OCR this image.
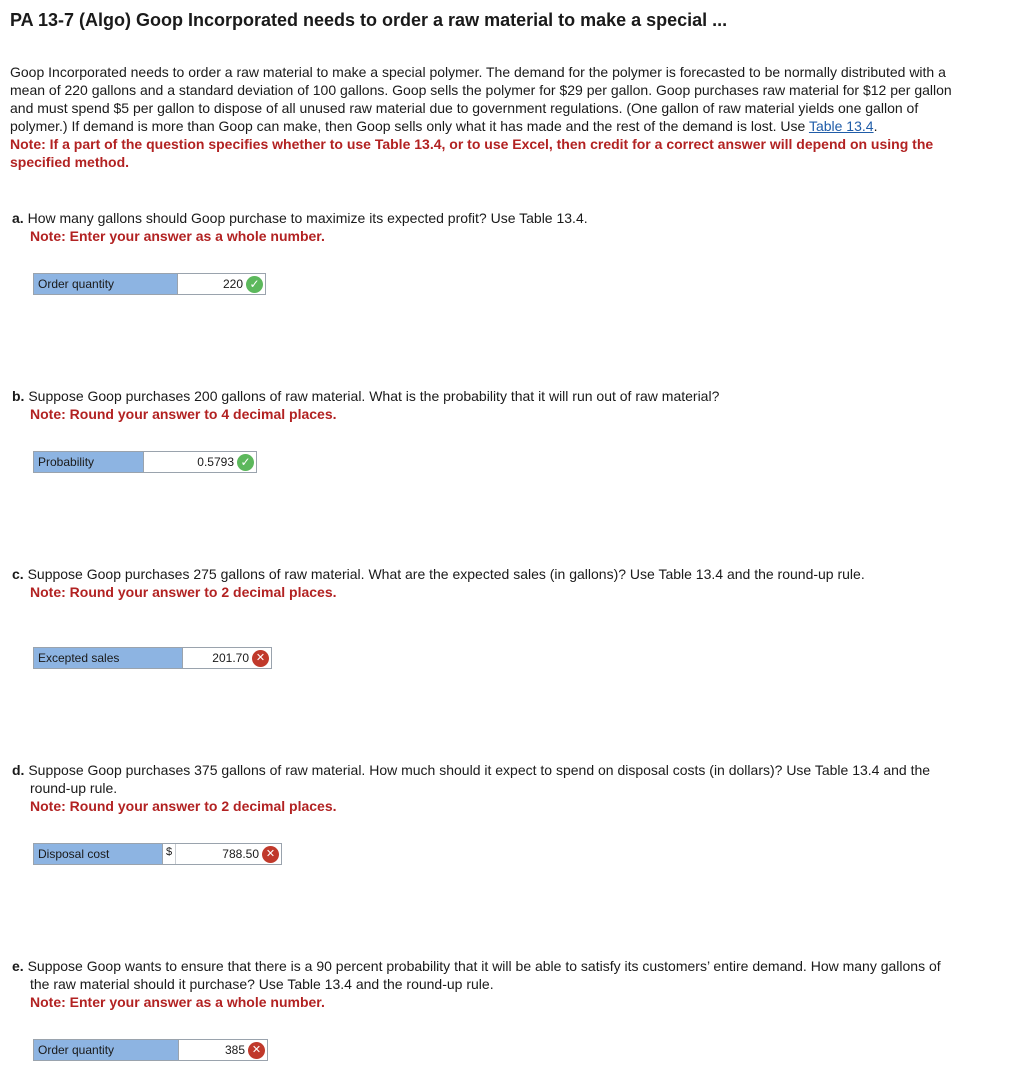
PA 13-7 (Algo) Goop Incorporated needs to order a raw material to make a special ...
Goop Incorporated needs to order a raw material to make a special polymer. The demand for the polymer is forecasted to be normally distributed with a mean of 220 gallons and a standard deviation of 100 gallons. Goop sells the polymer for $29 per gallon. Goop purchases raw material for $12 per gallon and must spend $5 per gallon to dispose of all unused raw material due to government regulations. (One gallon of raw material yields one gallon of polymer.) If demand is more than Goop can make, then Goop sells only what it has made and the rest of the demand is lost. Use Table 13.4.
Note: If a part of the question specifies whether to use Table 13.4, or to use Excel, then credit for a correct answer will depend on using the specified method.
a. How many gallons should Goop purchase to maximize its expected profit? Use Table 13.4.
Note: Enter your answer as a whole number.
Order quantity	220 ✓
b. Suppose Goop purchases 200 gallons of raw material. What is the probability that it will run out of raw material?
Note: Round your answer to 4 decimal places.
Probability	0.5793 ✓
c. Suppose Goop purchases 275 gallons of raw material. What are the expected sales (in gallons)? Use Table 13.4 and the round-up rule.
Note: Round your answer to 2 decimal places.
Excepted sales	201.70 ✕
d. Suppose Goop purchases 375 gallons of raw material. How much should it expect to spend on disposal costs (in dollars)? Use Table 13.4 and the round-up rule.
Note: Round your answer to 2 decimal places.
Disposal cost	$	788.50 ✕
e. Suppose Goop wants to ensure that there is a 90 percent probability that it will be able to satisfy its customers’ entire demand. How many gallons of the raw material should it purchase? Use Table 13.4 and the round-up rule.
Note: Enter your answer as a whole number.
Order quantity	385 ✕
